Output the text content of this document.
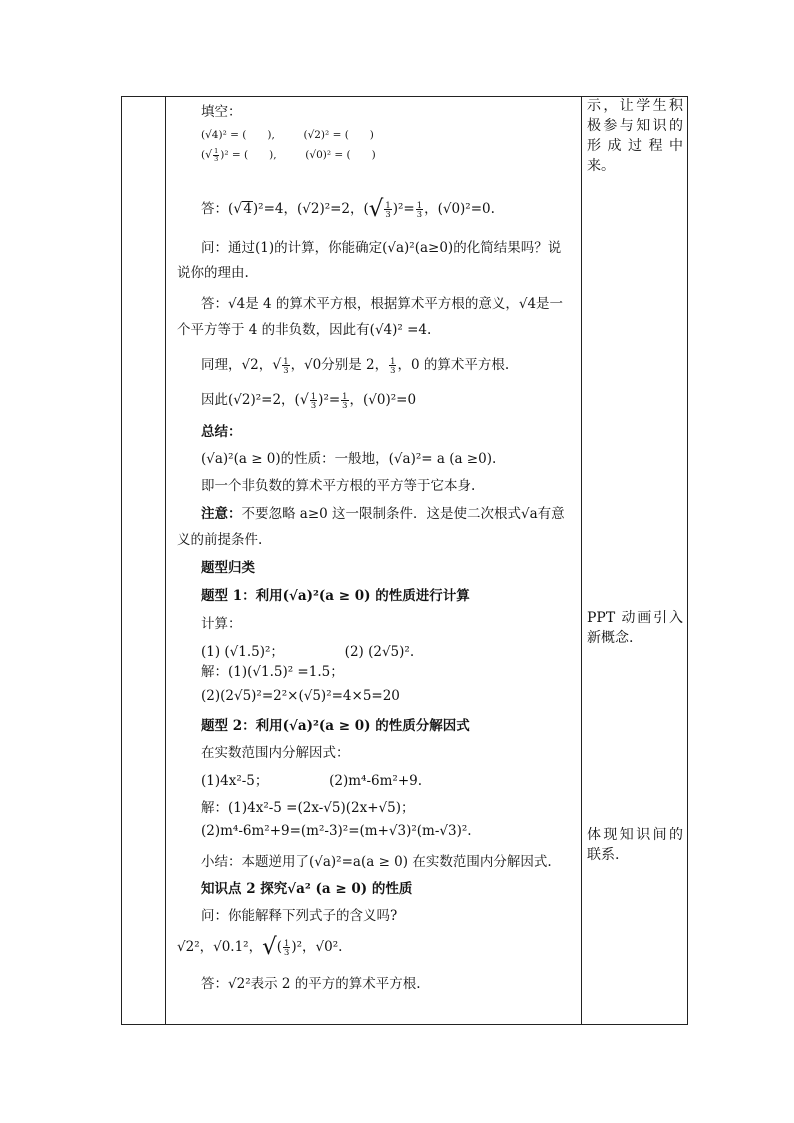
示，让学生积

极参与知识的

形成过程中

来。

PPT 动画引入

新概念.

体现知识间的

联系.

填空：
(√4)² = (　　),	(√2)² = (　　)
(√ $\frac{1}{3} )^2$ = (　　),	(√0)² = (　　)
答：(√4)²=4，(√2)²=2，(√ $\frac{1}{3} )^2= \frac{1}{3}$ ，(√0)²=0.
问：通过(1)的计算，你能确定(√a)²(a≥0)的化简结果吗？说
说你的理由.
答：√4是 4 的算术平方根，根据算术平方根的意义，√4是一
个平方等于 4 的非负数，因此有(√4)² =4.
同理，√2，√ $\frac{1}{3}$ ，√0分别是 2， $\frac{1}{3}$ ，0 的算术平方根.
因此(√2)²=2，(√ $\frac{1}{3} )^2= \frac{1}{3}$ ，(√0)²=0
总结：
(√a)²(a ≥ 0)的性质：一般地，(√a)²= a (a ≥0).
即一个非负数的算术平方根的平方等于它本身.
注意：不要忽略 a≥0 这一限制条件．这是使二次根式√a有意
义的前提条件.
题型归类
题型 1：利用(√a)²(a ≥ 0) 的性质进行计算
计算：
(1) (√1.5)²；　　　　　(2) (2√5)².
解：(1)(√1.5)² =1.5；
(2)(2√5)²=2²×(√5)²=4×5=20
题型 2：利用(√a)²(a ≥ 0) 的性质分解因式
在实数范围内分解因式：
(1)4x²-5；　　　　　(2)m⁴-6m²+9.
解：(1)4x²-5 =(2x-√5)(2x+√5)；
(2)m⁴-6m²+9=(m²-3)²=(m+√3)²(m-√3)².
小结：本题逆用了(√a)²=a(a ≥ 0) 在实数范围内分解因式.
知识点 2 探究√a² (a ≥ 0) 的性质
问：你能解释下列式子的含义吗?
√2²，√0.1²，√( $\frac{1}{3} )^2$，√0².
答：√2²表示 2 的平方的算术平方根.
